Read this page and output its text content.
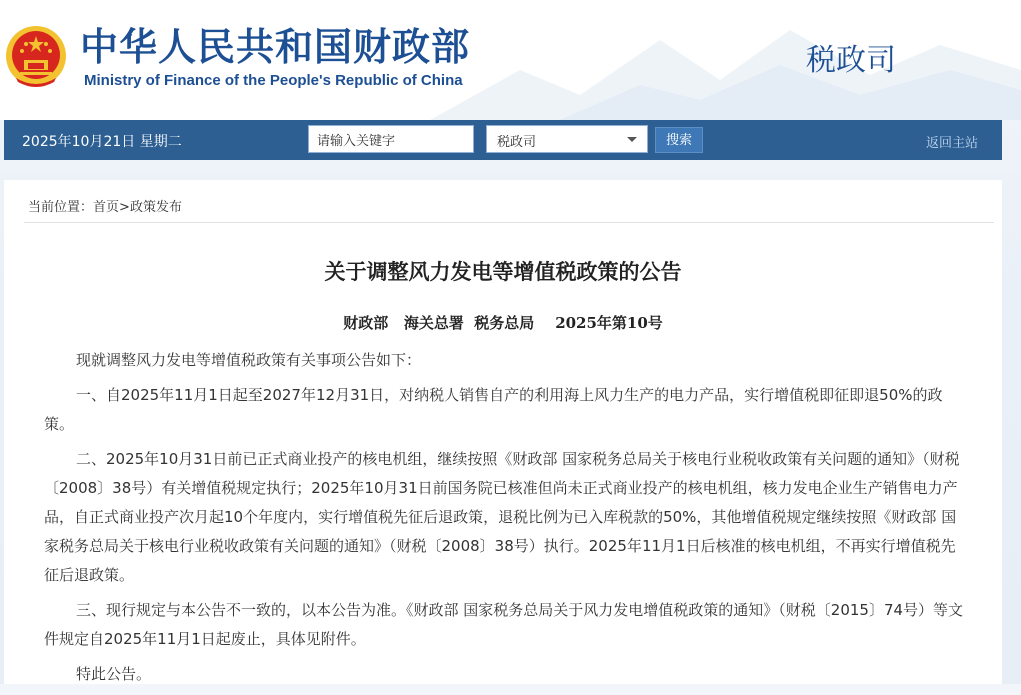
中华人民共和国财政部
Ministry of Finance of the People's Republic of China
税政司
2025年10月21日 星期二
请输入关键字	税政司	搜索	返回主站
当前位置：首页>政策发布
关于调整风力发电等增值税政策的公告
财政部   海关总署  税务总局    2025年第10号

现就调整风力发电等增值税政策有关事项公告如下：

一、自2025年11月1日起至2027年12月31日，对纳税人销售自产的利用海上风力生产的电力产品，实行增值税即征即退50%的政策。

二、2025年10月31日前已正式商业投产的核电机组，继续按照《财政部 国家税务总局关于核电行业税收政策有关问题的通知》（财税〔2008〕38号）有关增值税规定执行；2025年10月31日前国务院已核准但尚未正式商业投产的核电机组，核力发电企业生产销售电力产品，自正式商业投产次月起10个年度内，实行增值税先征后退政策，退税比例为已入库税款的50%，其他增值税规定继续按照《财政部 国家税务总局关于核电行业税收政策有关问题的通知》（财税〔2008〕38号）执行。2025年11月1日后核准的核电机组，不再实行增值税先征后退政策。

三、现行规定与本公告不一致的，以本公告为准。《财政部 国家税务总局关于风力发电增值税政策的通知》（财税〔2015〕74号）等文件规定自2025年11月1日起废止，具体见附件。

特此公告。
